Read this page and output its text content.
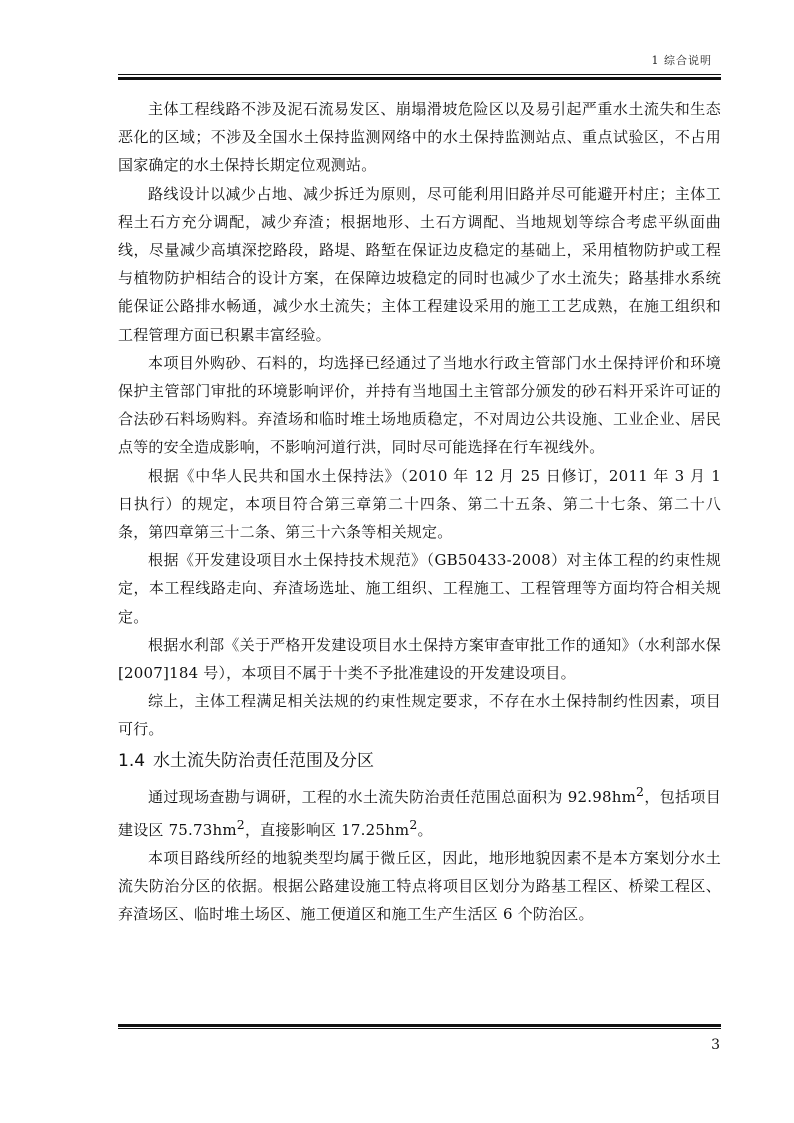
1 综合说明

主体工程线路不涉及泥石流易发区、崩塌滑坡危险区以及易引起严重水土流失和生态恶化的区域；不涉及全国水土保持监测网络中的水土保持监测站点、重点试验区，不占用国家确定的水土保持长期定位观测站。

路线设计以减少占地、减少拆迁为原则，尽可能利用旧路并尽可能避开村庄；主体工程土石方充分调配，减少弃渣；根据地形、土石方调配、当地规划等综合考虑平纵面曲线，尽量减少高填深挖路段，路堤、路堑在保证边皮稳定的基础上，采用植物防护或工程与植物防护相结合的设计方案，在保障边坡稳定的同时也减少了水土流失；路基排水系统能保证公路排水畅通，减少水土流失；主体工程建设采用的施工工艺成熟，在施工组织和工程管理方面已积累丰富经验。

本项目外购砂、石料的，均选择已经通过了当地水行政主管部门水土保持评价和环境保护主管部门审批的环境影响评价，并持有当地国土主管部分颁发的砂石料开采许可证的合法砂石料场购料。弃渣场和临时堆土场地质稳定，不对周边公共设施、工业企业、居民点等的安全造成影响，不影响河道行洪，同时尽可能选择在行车视线外。

根据《中华人民共和国水土保持法》（2010 年 12 月 25 日修订，2011 年 3 月 1 日执行）的规定，本项目符合第三章第二十四条、第二十五条、第二十七条、第二十八条，第四章第三十二条、第三十六条等相关规定。

根据《开发建设项目水土保持技术规范》（GB50433-2008）对主体工程的约束性规定，本工程线路走向、弃渣场选址、施工组织、工程施工、工程管理等方面均符合相关规定。

根据水利部《关于严格开发建设项目水土保持方案审查审批工作的通知》（水利部水保[2007]184 号），本项目不属于十类不予批准建设的开发建设项目。

综上，主体工程满足相关法规的约束性规定要求，不存在水土保持制约性因素，项目可行。

1.4 水土流失防治责任范围及分区

通过现场查勘与调研，工程的水土流失防治责任范围总面积为 $92.98hm^2$，包括项目建设区 $75.73hm^2$，直接影响区 $17.25hm^2$。

本项目路线所经的地貌类型均属于微丘区，因此，地形地貌因素不是本方案划分水土流失防治分区的依据。根据公路建设施工特点将项目区划分为路基工程区、桥梁工程区、弃渣场区、临时堆土场区、施工便道区和施工生产生活区 6 个防治区。

3
